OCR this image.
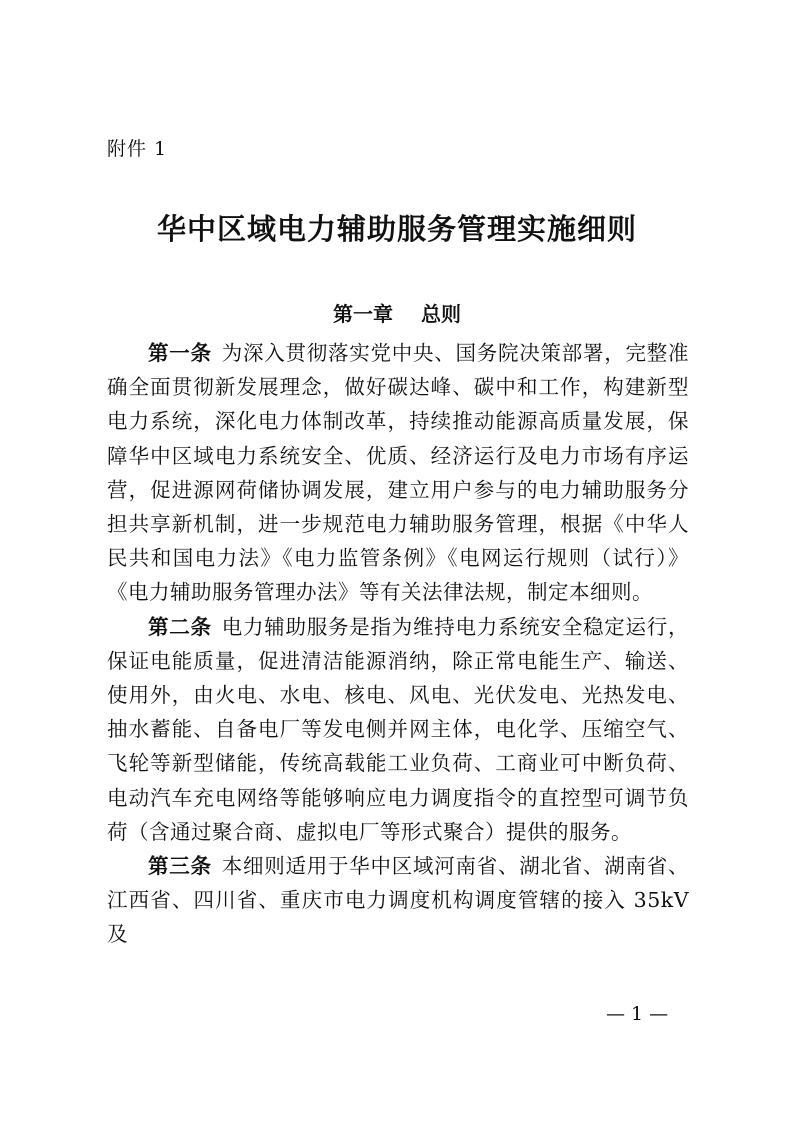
附件 1
华中区域电力辅助服务管理实施细则
第一章 总则

第一条 为深入贯彻落实党中央、国务院决策部署，完整准确全面贯彻新发展理念，做好碳达峰、碳中和工作，构建新型电力系统，深化电力体制改革，持续推动能源高质量发展，保障华中区域电力系统安全、优质、经济运行及电力市场有序运营，促进源网荷储协调发展，建立用户参与的电力辅助服务分担共享新机制，进一步规范电力辅助服务管理，根据《中华人民共和国电力法》《电力监管条例》《电网运行规则（试行）》《电力辅助服务管理办法》等有关法律法规，制定本细则。

第二条 电力辅助服务是指为维持电力系统安全稳定运行，保证电能质量，促进清洁能源消纳，除正常电能生产、输送、使用外，由火电、水电、核电、风电、光伏发电、光热发电、抽水蓄能、自备电厂等发电侧并网主体，电化学、压缩空气、飞轮等新型储能，传统高载能工业负荷、工商业可中断负荷、电动汽车充电网络等能够响应电力调度指令的直控型可调节负荷（含通过聚合商、虚拟电厂等形式聚合）提供的服务。

第三条 本细则适用于华中区域河南省、湖北省、湖南省、江西省、四川省、重庆市电力调度机构调度管辖的接入 35kV 及

— 1 —
